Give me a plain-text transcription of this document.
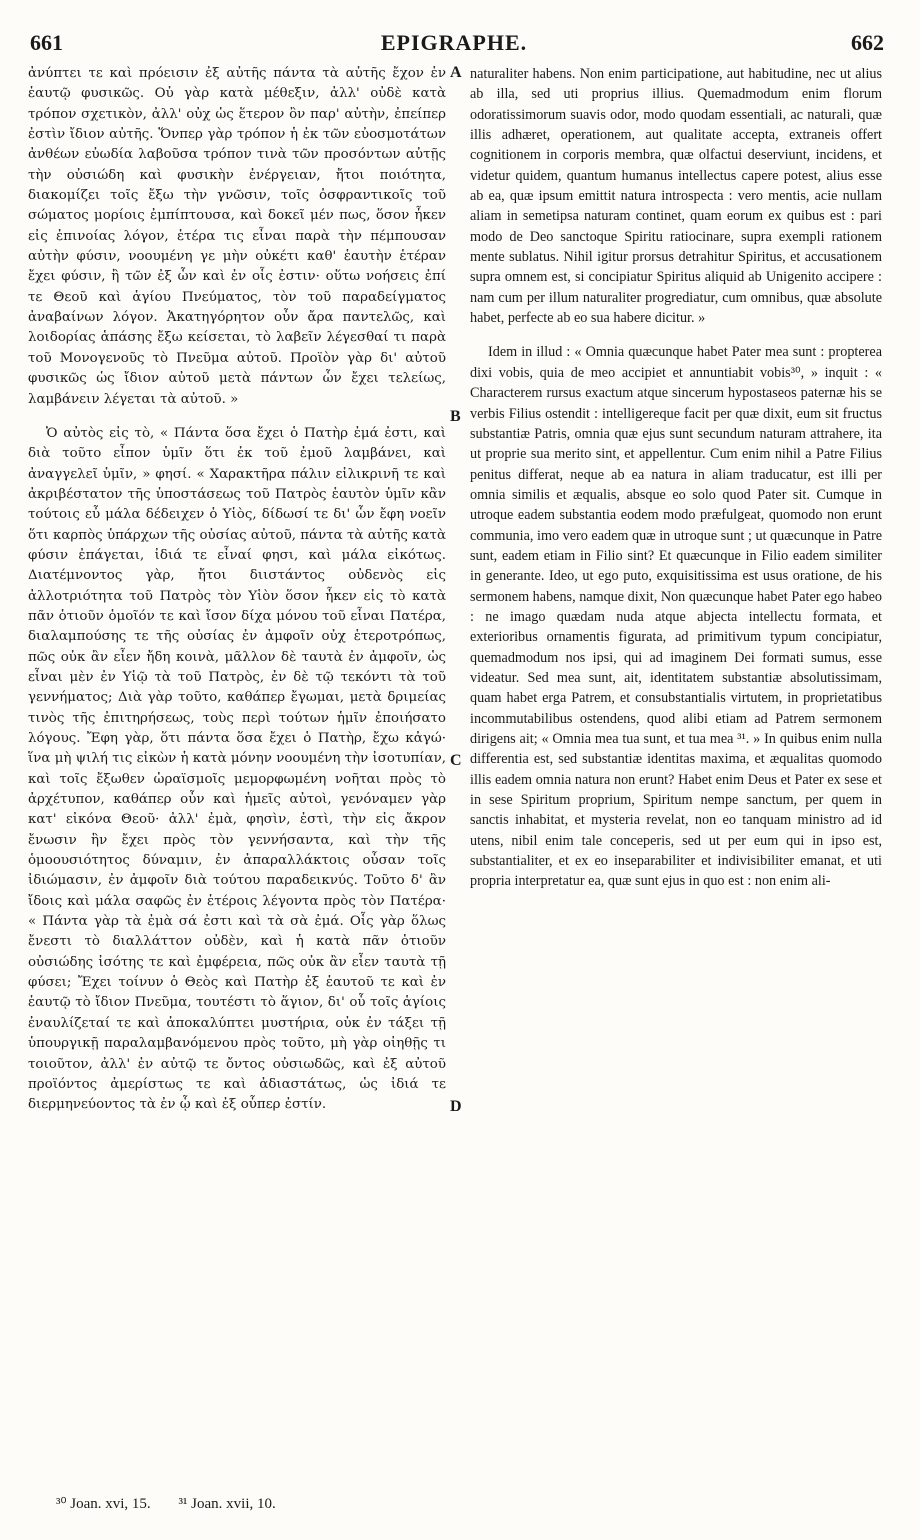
661	EPIGRAPHE.	662

ἀνύπτει τε καὶ πρόεισιν ἐξ αὐτῆς πάντα τὰ αὐτῆς ἔχον ἐν ἑαυτῷ φυσικῶς. Οὐ γὰρ κατὰ μέθεξιν, ἀλλ' οὐδὲ κατὰ τρόπον σχετικὸν, ἀλλ' οὐχ ὡς ἕτερον ὂν παρ' αὐτὴν, ἐπείπερ ἐστὶν ἴδιον αὐτῆς. Ὅνπερ γὰρ τρόπον ἡ ἐκ τῶν εὐοσμοτάτων ἀνθέων εὐωδία λαβοῦσα τρόπον τινὰ τῶν προσόντων αὐτῇς τὴν οὐσιώδη καὶ φυσικὴν ἐνέργειαν, ἤτοι ποιότητα, διακομίζει τοῖς ἔξω τὴν γνῶσιν, τοῖς ὀσφραντικοῖς τοῦ σώματος μορίοις ἐμπίπτουσα, καὶ δοκεῖ μέν πως, ὅσον ἧκεν εἰς ἐπινοίας λόγον, ἑτέρα τις εἶναι παρὰ τὴν πέμπουσαν αὐτὴν φύσιν, νοουμένη γε μὴν οὐκέτι καθ' ἑαυτὴν ἑτέραν ἔχει φύσιν, ἢ τῶν ἐξ ὧν καὶ ἐν οἷς ἐστιν· οὕτω νοήσεις ἐπί τε Θεοῦ καὶ ἁγίου Πνεύματος, τὸν τοῦ παραδείγματος ἀναβαίνων λόγον. Ἀκατηγόρητον οὖν ἄρα παντελῶς, καὶ λοιδορίας ἁπάσης ἔξω κείσεται, τὸ λαβεῖν λέγεσθαί τι παρὰ τοῦ Μονογενοῦς τὸ Πνεῦμα αὐτοῦ. Προϊὸν γὰρ δι' αὐτοῦ φυσικῶς ὡς ἴδιον αὐτοῦ μετὰ πάντων ὧν ἔχει τελείως, λαμβάνειν λέγεται τὰ αὐτοῦ. »

Ὁ αὐτὸς εἰς τὸ, « Πάντα ὅσα ἔχει ὁ Πατὴρ ἐμά ἐστι, καὶ διὰ τοῦτο εἶπον ὑμῖν ὅτι ἐκ τοῦ ἐμοῦ λαμβάνει, καὶ ἀναγγελεῖ ὑμῖν, » φησί. « Χαρακτῆρα πάλιν εἰλικρινῆ τε καὶ ἀκριβέστατον τῆς ὑποστάσεως τοῦ Πατρὸς ἑαυτὸν ὑμῖν κἂν τούτοις εὖ μάλα δέδειχεν ὁ Υἱὸς, δίδωσί τε δι' ὧν ἔφη νοεῖν ὅτι καρπὸς ὑπάρχων τῆς οὐσίας αὐτοῦ, πάντα τὰ αὐτῆς κατὰ φύσιν ἐπάγεται, ἰδιά τε εἶναί φησι, καὶ μάλα εἰκότως. Διατέμνοντος γὰρ, ἤτοι διιστάντος οὐδενὸς εἰς ἀλλοτριότητα τοῦ Πατρὸς τὸν Υἱὸν ὅσον ἧκεν εἰς τὸ κατὰ πᾶν ὁτιοῦν ὁμοῖόν τε καὶ ἴσον δίχα μόνου τοῦ εἶναι Πατέρα, διαλαμπούσης τε τῆς οὐσίας ἐν ἀμφοῖν οὐχ ἑτεροτρόπως, πῶς οὐκ ἂν εἶεν ἤδη κοινὰ, μᾶλλον δὲ ταυτὰ ἐν ἀμφοῖν, ὡς εἶναι μὲν ἐν Υἱῷ τὰ τοῦ Πατρὸς, ἐν δὲ τῷ τεκόντι τὰ τοῦ γεννήματος; Διὰ γὰρ τοῦτο, καθάπερ ἔγωμαι, μετὰ δριμείας τινὸς τῆς ἐπιτηρήσεως, τοὺς περὶ τούτων ἡμῖν ἐποιήσατο λόγους. Ἔφη γὰρ, ὅτι πάντα ὅσα ἔχει ὁ Πατὴρ, ἔχω κἀγώ· ἵνα μὴ ψιλή τις εἰκὼν ἡ κατὰ μόνην νοουμένη τὴν ἰσοτυπίαν, καὶ τοῖς ἔξωθεν ὡραϊσμοῖς μεμορφωμένη νοῆται πρὸς τὸ ἀρχέτυπον, καθάπερ οὖν καὶ ἡμεῖς αὐτοὶ, γενόναμεν γὰρ κατ' εἰκόνα Θεοῦ· ἀλλ' ἐμὰ, φησὶν, ἐστὶ, τὴν εἰς ἄκρον ἔνωσιν ἣν ἔχει πρὸς τὸν γεννήσαντα, καὶ τὴν τῆς ὁμοουσιότητος δύναμιν, ἐν ἀπαραλλάκτοις οὖσαν τοῖς ἰδιώμασιν, ἐν ἀμφοῖν διὰ τούτου παραδεικνύς. Τοῦτο δ' ἂν ἴδοις καὶ μάλα σαφῶς ἐν ἑτέροις λέγοντα πρὸς τὸν Πατέρα· « Πάντα γὰρ τὰ ἐμὰ σά ἐστι καὶ τὰ σὰ ἐμά. Οἷς γὰρ ὅλως ἔνεστι τὸ διαλλάττον οὐδὲν, καὶ ἡ κατὰ πᾶν ὁτιοῦν οὐσιώδης ἰσότης τε καὶ ἐμφέρεια, πῶς οὐκ ἂν εἶεν ταυτὰ τῇ φύσει; Ἔχει τοίνυν ὁ Θεὸς καὶ Πατὴρ ἐξ ἑαυτοῦ τε καὶ ἐν ἑαυτῷ τὸ ἴδιον Πνεῦμα, τουτέστι τὸ ἅγιον, δι' οὗ τοῖς ἁγίοις ἐναυλίζεταί τε καὶ ἀποκαλύπτει μυστήρια, οὐκ ἐν τάξει τῇ ὑπουργικῇ παραλαμβανόμενου πρὸς τοῦτο, μὴ γὰρ οἰηθῇς τι τοιοῦτον, ἀλλ' ἐν αὐτῷ τε ὄντος οὐσιωδῶς, καὶ ἐξ αὐτοῦ προϊόντος ἀμερίστως τε καὶ ἀδιαστάτως, ὡς ἰδιά τε διερμηνεύοντος τὰ ἐν ᾧ καὶ ἐξ οὗπερ ἐστίν.

naturaliter habens. Non enim participatione, aut habitudine, nec ut alius ab illa, sed uti proprius illius. Quemadmodum enim florum odoratissimorum suavis odor, modo quodam essentiali, ac naturali, quæ illis adhæret, operationem, aut qualitate accepta, extraneis offert cognitionem in corporis membra, quæ olfactui deserviunt, incidens, et videtur quidem, quantum humanus intellectus capere potest, alius esse ab ea, quæ ipsum emittit natura introspecta : vero mentis, acie nullam aliam in semetipsa naturam continet, quam eorum ex quibus est : pari modo de Deo sanctoque Spiritu ratiocinare, supra exempli rationem mente sublatus. Nihil igitur prorsus detrahitur Spiritus, et accusationem supra omnem est, si concipiatur Spiritus aliquid ab Unigenito accipere : nam cum per illum naturaliter progrediatur, cum omnibus, quæ absolute habet, perfecte ab eo sua habere dicitur. »

Idem in illud : « Omnia quæcunque habet Pater mea sunt : propterea dixi vobis, quia de meo accipiet et annuntiabit vobis³⁰, » inquit : « Characterem rursus exactum atque sincerum hypostaseos paternæ his se verbis Filius ostendit : intelligereque facit per quæ dixit, eum sit fructus substantiæ Patris, omnia quæ ejus sunt secundum naturam attrahere, ita ut proprie sua merito sint, et appellentur. Cum enim nihil a Patre Filius penitus differat, neque ab ea natura in aliam traducatur, est illi per omnia similis et æqualis, absque eo solo quod Pater sit. Cumque in utroque eadem substantia eodem modo præfulgeat, quomodo non erunt communia, imo vero eadem quæ in utroque sunt ; ut quæcunque in Patre sunt, eadem etiam in Filio sint? Et quæcunque in Filio eadem similiter in generante. Ideo, ut ego puto, exquisitissima est usus oratione, de his sermonem habens, namque dixit, Non quæcunque habet Pater ego habeo : ne imago quædam nuda atque abjecta intellectu formata, et exterioribus ornamentis figurata, ad primitivum typum concipiatur, quemadmodum nos ipsi, qui ad imaginem Dei formati sumus, esse videatur. Sed mea sunt, ait, identitatem substantiæ absolutissimam, quam habet erga Patrem, et consubstantialis virtutem, in proprietatibus incommutabilibus ostendens, quod alibi etiam ad Patrem sermonem dirigens ait; « Omnia mea tua sunt, et tua mea ³¹. » In quibus enim nulla differentia est, sed substantiæ identitas maxima, et æqualitas quomodo illis eadem omnia natura non erunt? Habet enim Deus et Pater ex sese et in sese Spiritum proprium, Spiritum nempe sanctum, per quem in sanctis inhabitat, et mysteria revelat, non eo tanquam ministro ad id utens, nibil enim tale conceperis, sed ut per eum qui in ipso est, substantialiter, et ex eo inseparabiliter et indivisibiliter emanat, et uti propria interpretatur ea, quæ sunt ejus in quo est : non enim ali-

A
B
C
D
³⁰ Joan. xvi, 15. ³¹ Joan. xvii, 10.
